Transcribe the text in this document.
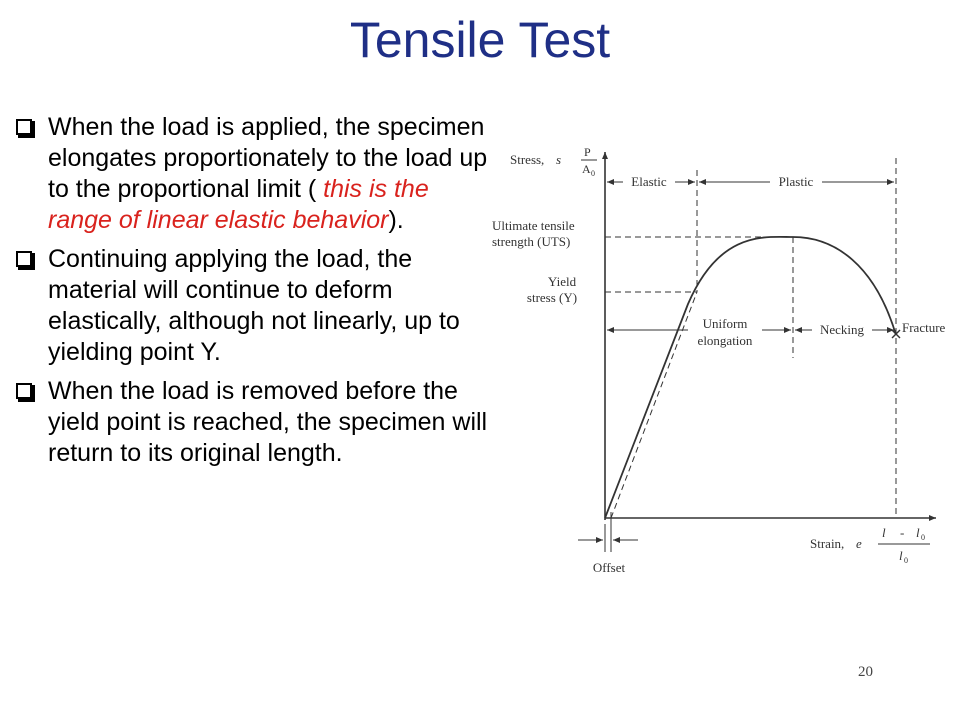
Tensile Test
When the load is applied, the specimen elongates proportionately to the load up to the proportional limit ( this is the range of linear elastic behavior).
Continuing applying the load, the material will continue to deform elastically, although not linearly, up to yielding point Y.
When the load is removed before the yield point is reached, the specimen will return to its original length.
Stress, s P
A 0
Elastic	Plastic
Ultimate tensile
strength (UTS)
Yield
stress (Y)
Uniform
elongation
Necking	Fracture
Strain, e
l - l 0
l 0
Offset
20
